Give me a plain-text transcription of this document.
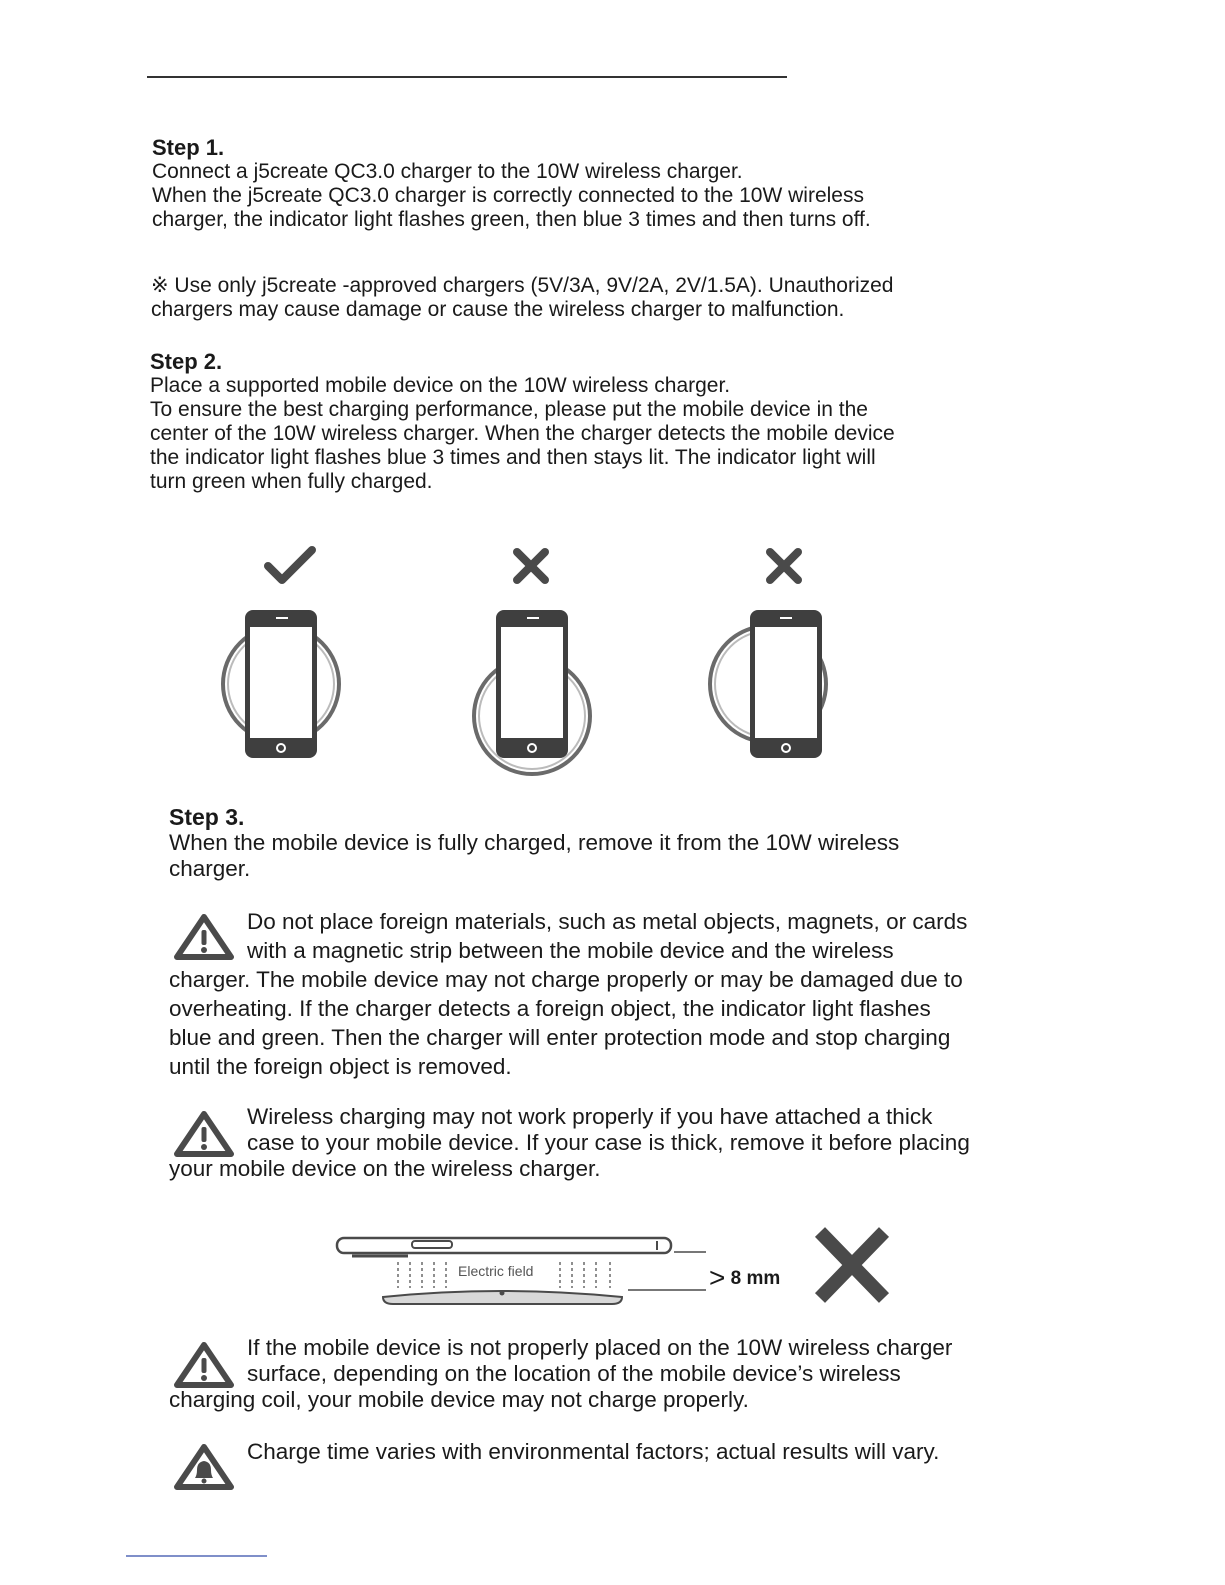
Step 1.
Connect a j5create QC3.0 charger to the 10W wireless charger.
When the j5create QC3.0 charger is correctly connected to the 10W wireless
charger, the indicator light flashes green, then blue 3 times and then turns off.
※ Use only j5create -approved chargers (5V/3A, 9V/2A, 2V/1.5A). Unauthorized
chargers may cause damage or cause the wireless charger to malfunction.
Step 2.
Place a supported mobile device on the 10W wireless charger.
To ensure the best charging performance, please put the mobile device in the
center of the 10W wireless charger. When the charger detects the mobile device
the indicator light flashes blue 3 times and then stays lit. The indicator light will
turn green when fully charged.
Step 3.
When the mobile device is fully charged, remove it from the 10W wireless
charger.
Do not place foreign materials, such as metal objects, magnets, or cards
with a magnetic strip between the mobile device and the wireless
charger. The mobile device may not charge properly or may be damaged due to
overheating. If the charger detects a foreign object, the indicator light flashes
blue and green. Then the charger will enter protection mode and stop charging
until the foreign object is removed.
Wireless charging may not work properly if you have attached a thick
case to your mobile device. If your case is thick, remove it before placing
your mobile device on the wireless charger.
Electric field	> 8 mm
If the mobile device is not properly placed on the 10W wireless charger
surface, depending on the location of the mobile device’s wireless
charging coil, your mobile device may not charge properly.
Charge time varies with environmental factors; actual results will vary.
